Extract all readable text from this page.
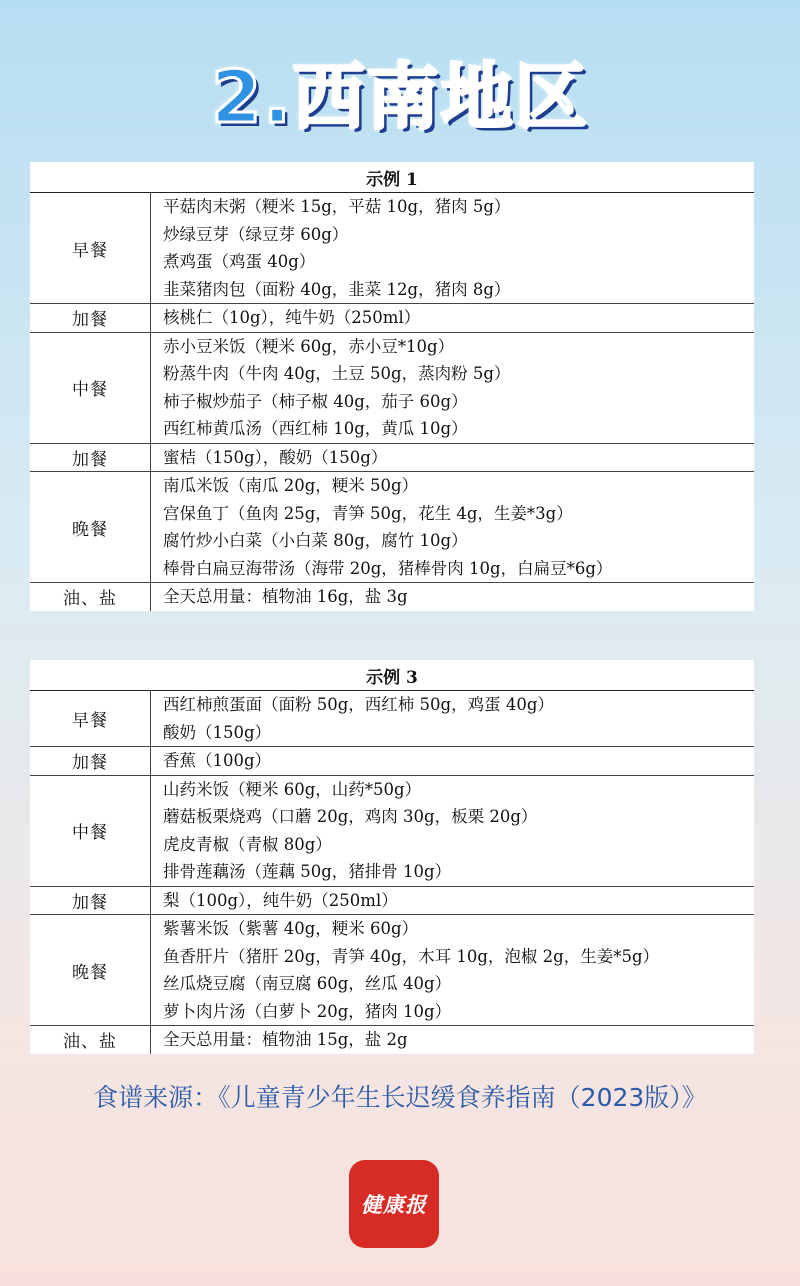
2.西南地区
示例 1	
早餐	平菇肉末粥（粳米 15g，平菇 10g，猪肉 5g）
炒绿豆芽（绿豆芽 60g）
煮鸡蛋（鸡蛋 40g）
韭菜猪肉包（面粉 40g，韭菜 12g，猪肉 8g）

加餐	核桃仁（10g），纯牛奶（250ml）

中餐	赤小豆米饭（粳米 60g，赤小豆*10g）
粉蒸牛肉（牛肉 40g，土豆 50g，蒸肉粉 5g）
柿子椒炒茄子（柿子椒 40g，茄子 60g）
西红柿黄瓜汤（西红柿 10g，黄瓜 10g）

加餐	蜜桔（150g），酸奶（150g）

晚餐	南瓜米饭（南瓜 20g，粳米 50g）
宫保鱼丁（鱼肉 25g，青笋 50g，花生 4g，生姜*3g）
腐竹炒小白菜（小白菜 80g，腐竹 10g）
棒骨白扁豆海带汤（海带 20g，猪棒骨肉 10g，白扁豆*6g）

油、盐	全天总用量：植物油 16g，盐 3g
示例 3	
早餐	西红柿煎蛋面（面粉 50g，西红柿 50g，鸡蛋 40g）
酸奶（150g）

加餐	香蕉（100g）

中餐	山药米饭（粳米 60g，山药*50g）
蘑菇板栗烧鸡（口蘑 20g，鸡肉 30g，板栗 20g）
虎皮青椒（青椒 80g）
排骨莲藕汤（莲藕 50g，猪排骨 10g）

加餐	梨（100g），纯牛奶（250ml）

晚餐	紫薯米饭（紫薯 40g，粳米 60g）
鱼香肝片（猪肝 20g，青笋 40g，木耳 10g，泡椒 2g，生姜*5g）
丝瓜烧豆腐（南豆腐 60g，丝瓜 40g）
萝卜肉片汤（白萝卜 20g，猪肉 10g）

油、盐	全天总用量：植物油 15g，盐 2g
食谱来源：《儿童青少年生长迟缓食养指南（2023版）》
健康报
